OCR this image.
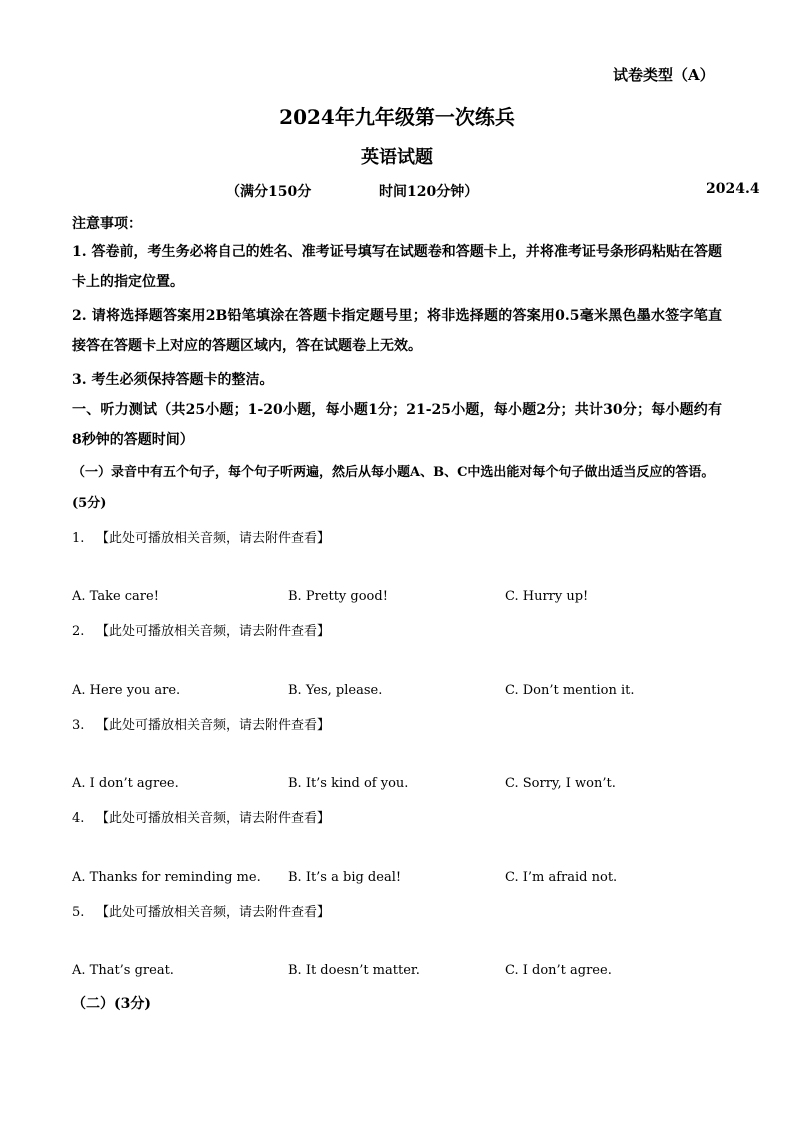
试卷类型（A）
2024年九年级第一次练兵
英语试题
（满分150分	时间120分钟）	2024.4
注意事项：
1. 答卷前，考生务必将自己的姓名、准考证号填写在试题卷和答题卡上，并将准考证号条形码粘贴在答题卡上的指定位置。
2. 请将选择题答案用2B铅笔填涂在答题卡指定题号里；将非选择题的答案用0.5毫米黑色墨水签字笔直接答在答题卡上对应的答题区域内，答在试题卷上无效。
3. 考生必须保持答题卡的整洁。
一、听力测试（共25小题；1-20小题，每小题1分；21-25小题，每小题2分；共计30分；每小题约有8秒钟的答题时间）
（一）录音中有五个句子，每个句子听两遍，然后从每小题A、B、C中选出能对每个句子做出适当反应的答语。(5分)
1. 【此处可播放相关音频，请去附件查看】
A. Take care!	B. Pretty good!	C. Hurry up!
2. 【此处可播放相关音频，请去附件查看】
A. Here you are.	B. Yes, please.	C. Don’t mention it.
3. 【此处可播放相关音频，请去附件查看】
A. I don’t agree.	B. It’s kind of you.	C. Sorry, I won’t.
4. 【此处可播放相关音频，请去附件查看】
A. Thanks for reminding me. B. It’s a big deal!	C. I’m afraid not.
5. 【此处可播放相关音频，请去附件查看】
A. That’s great.	B. It doesn’t matter.	C. I don’t agree.
（二）(3分)
